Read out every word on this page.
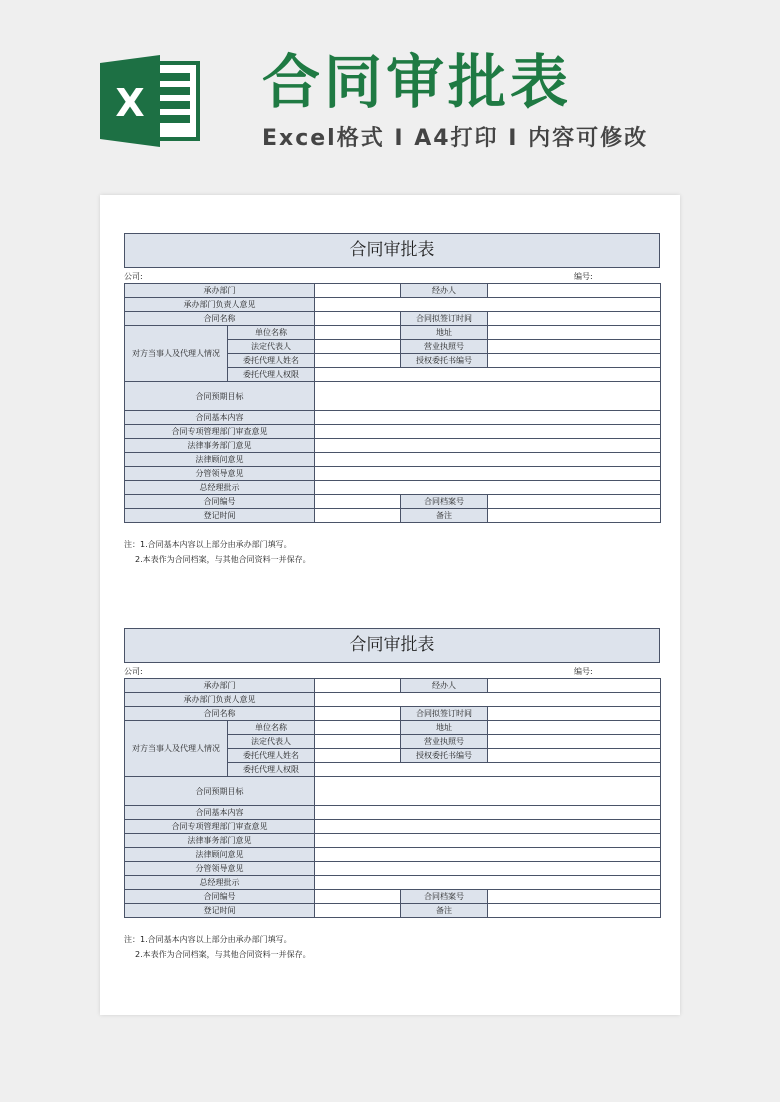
X 合同审批表
Excel格式 I A4打印 I 内容可修改
合同审批表
公司:	编号:
承办部门			经办人	
承办部门负责人意见				
合同名称			合同拟签订时间	
对方当事人及代理人情况	单位名称		地址	
	法定代表人		营业执照号	
	委托代理人姓名		授权委托书编号	
	委托代理人权限			
合同预期目标				
合同基本内容				
合同专项管理部门审查意见				
法律事务部门意见				
法律顾问意见				
分管领导意见				
总经理批示				
合同编号			合同档案号	
登记时间			备注	
注：1.合同基本内容以上部分由承办部门填写。
2.本表作为合同档案，与其他合同资料一并保存。
合同审批表
公司:	编号:
承办部门			经办人	
承办部门负责人意见				
合同名称			合同拟签订时间	
对方当事人及代理人情况	单位名称		地址	
	法定代表人		营业执照号	
	委托代理人姓名		授权委托书编号	
	委托代理人权限			
合同预期目标				
合同基本内容				
合同专项管理部门审查意见				
法律事务部门意见				
法律顾问意见				
分管领导意见				
总经理批示				
合同编号			合同档案号	
登记时间			备注	
注：1.合同基本内容以上部分由承办部门填写。
2.本表作为合同档案，与其他合同资料一并保存。
